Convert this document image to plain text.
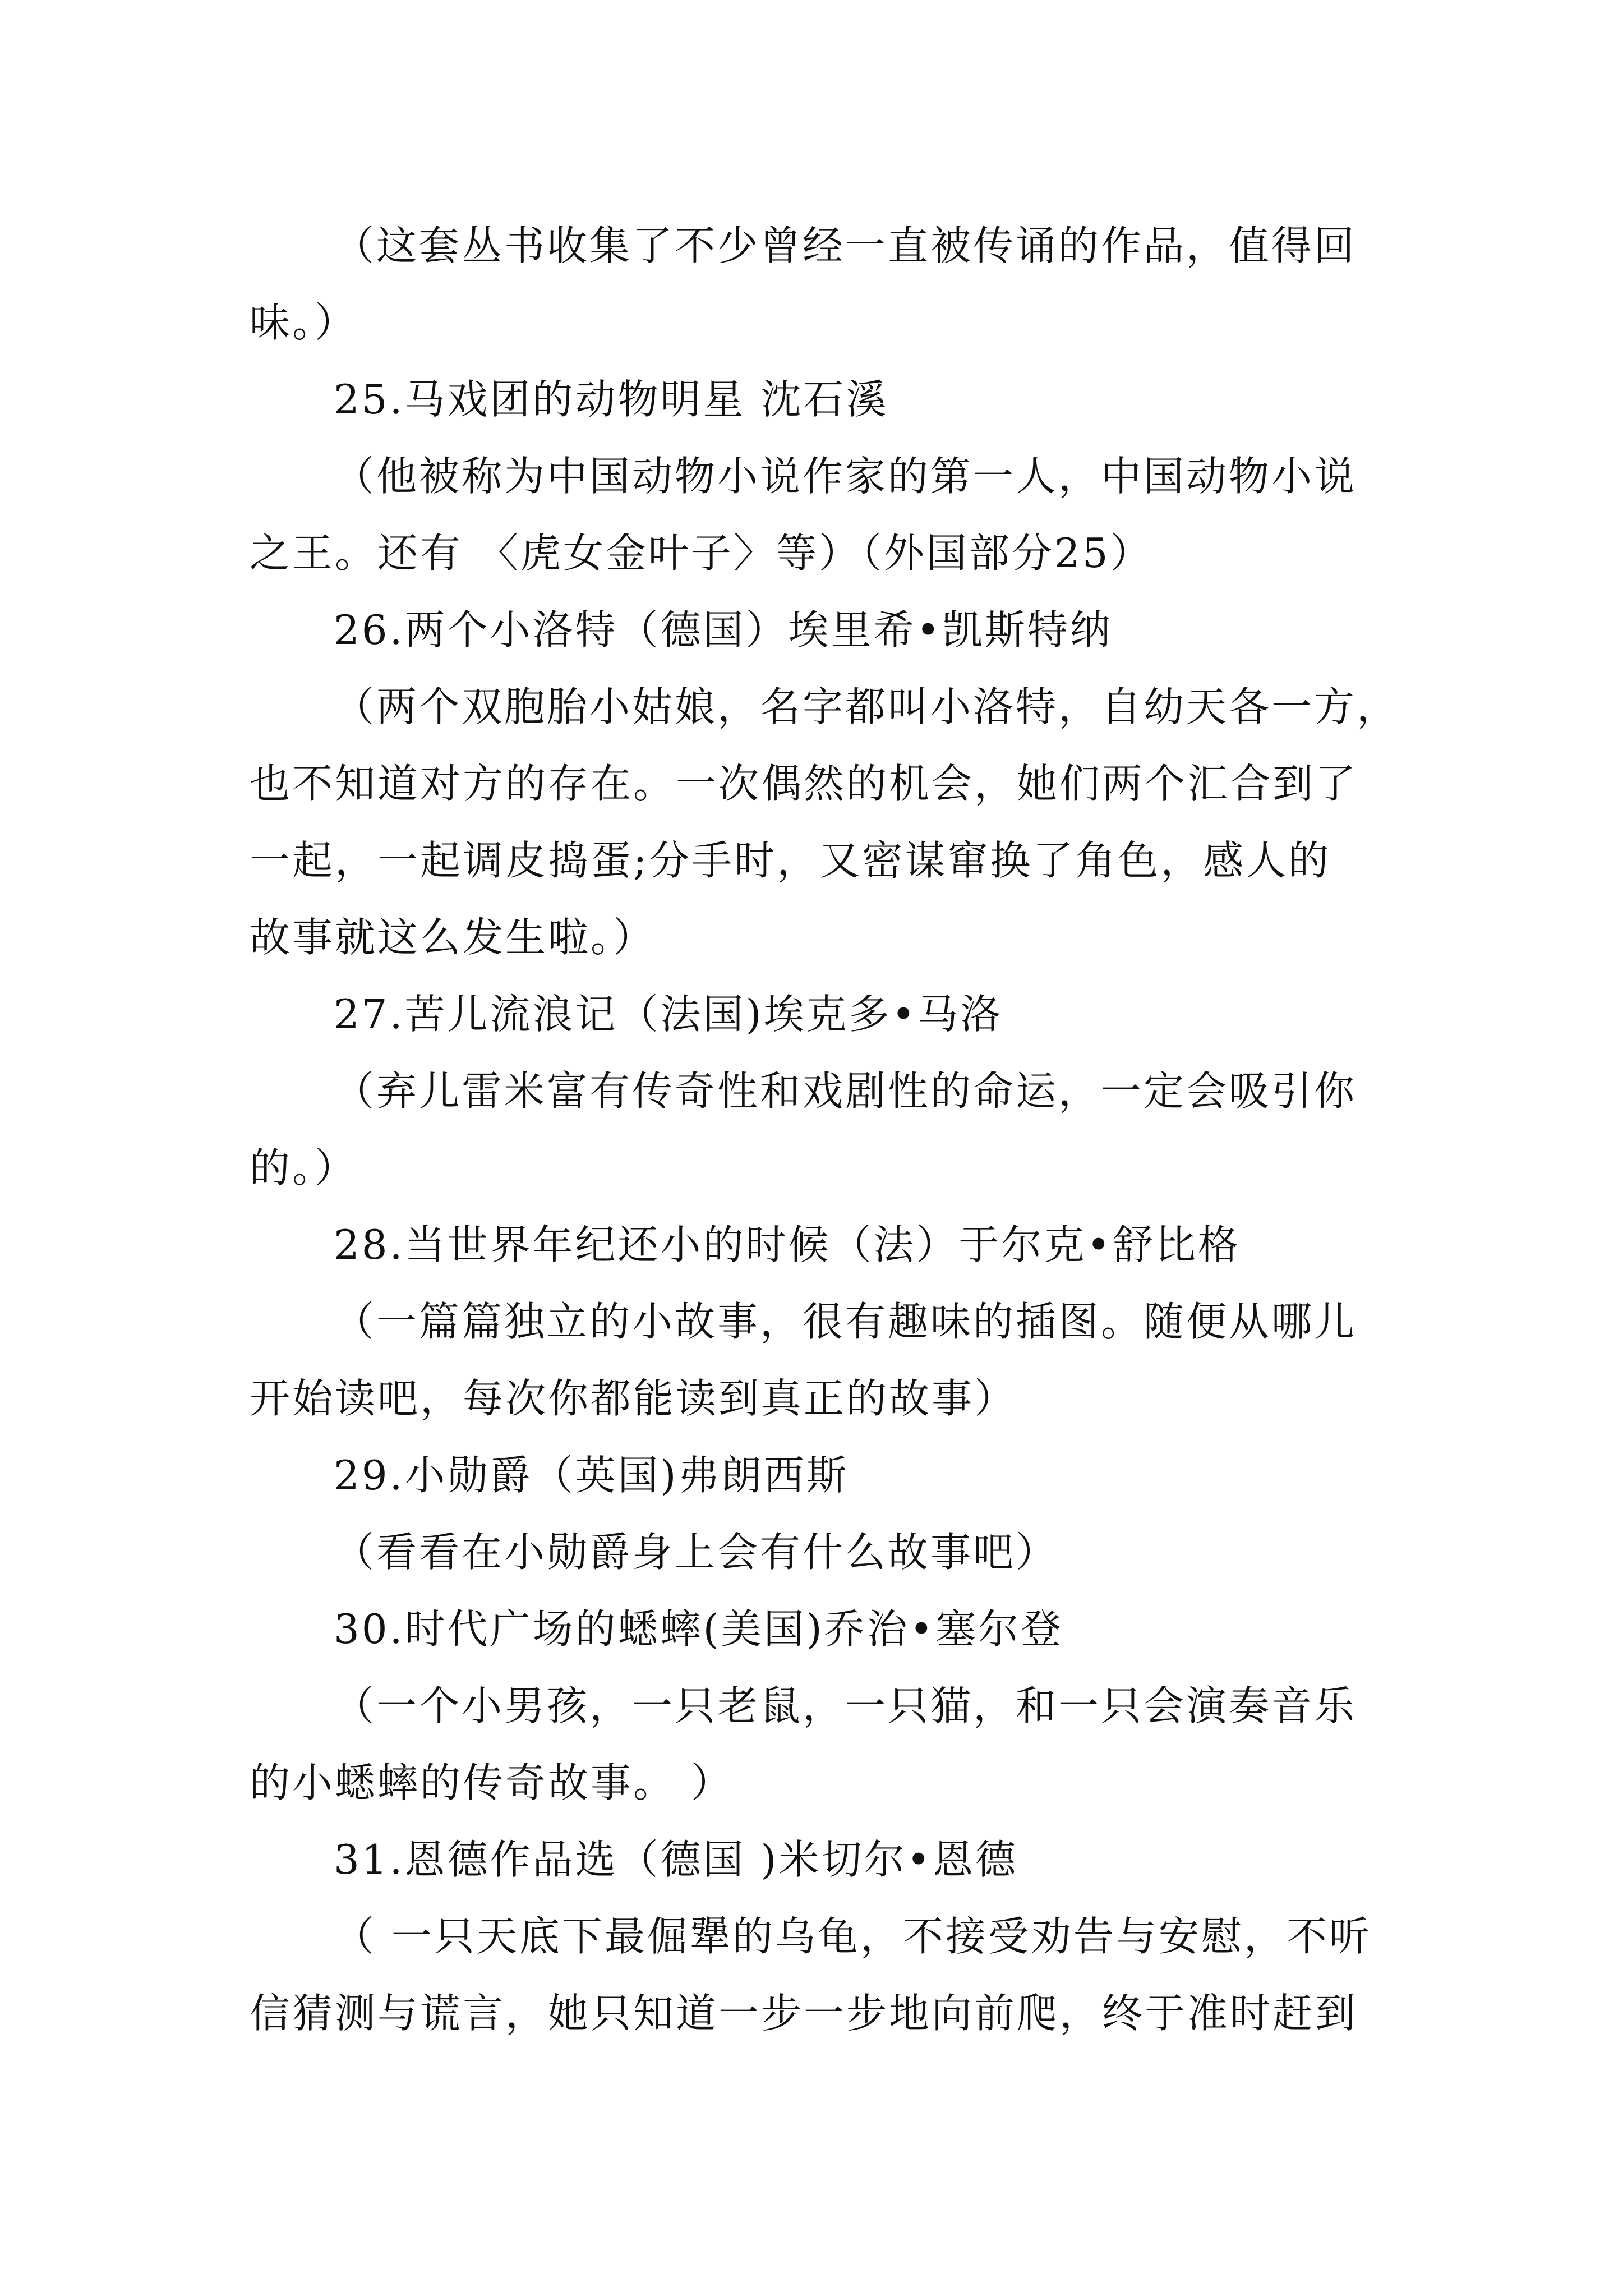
（这套丛书收集了不少曾经一直被传诵的作品，值得回
味。）
25.马戏团的动物明星 沈石溪
（他被称为中国动物小说作家的第一人，中国动物小说
之王。还有 〈虎女金叶子〉等）（外国部分25）
26.两个小洛特（德国）埃里希•凯斯特纳
（两个双胞胎小姑娘，名字都叫小洛特，自幼天各一方，
也不知道对方的存在。一次偶然的机会，她们两个汇合到了
一起，一起调皮捣蛋;分手时，又密谋窜换了角色，感人的
故事就这么发生啦。）
27.苦儿流浪记（法国)埃克多•马洛
（弃儿雷米富有传奇性和戏剧性的命运，一定会吸引你
的。）
28.当世界年纪还小的时候（法）于尔克•舒比格
（一篇篇独立的小故事，很有趣味的插图。随便从哪儿
开始读吧，每次你都能读到真正的故事）
29.小勋爵（英国)弗朗西斯
（看看在小勋爵身上会有什么故事吧）
30.时代广场的蟋蟀(美国)乔治•塞尔登
（一个小男孩，一只老鼠，一只猫，和一只会演奏音乐
的小蟋蟀的传奇故事。 ）
31.恩德作品选（德国 )米切尔•恩德
（ 一只天底下最倔犟的乌龟，不接受劝告与安慰，不听
信猜测与谎言，她只知道一步一步地向前爬，终于准时赶到
